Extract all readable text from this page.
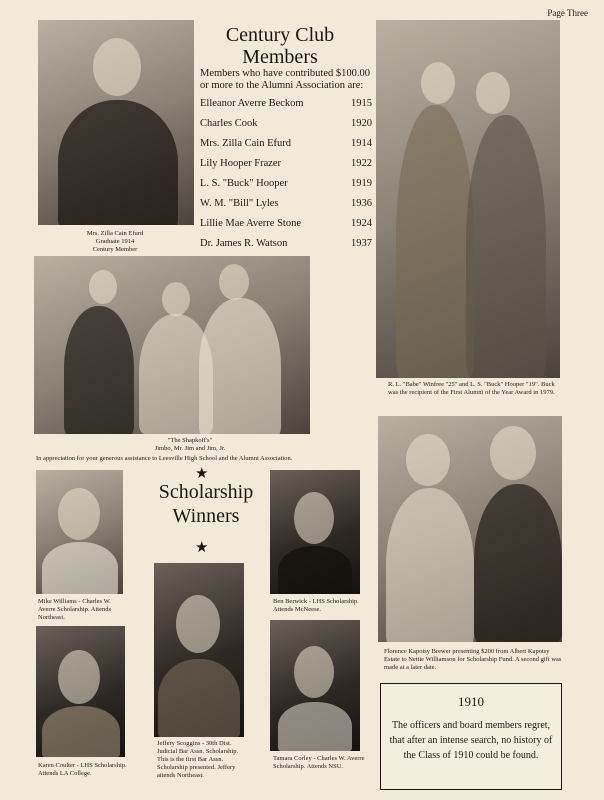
Page Three
Mrs. Zilla Cain Efurd
Graduate 1914
Century Member
Century Club
Members
Members who have contributed $100.00 or more to the Alumni Association are:
Elleanor Averre Beckom	1915
Charles Cook	1920
Mrs. Zilla Cain Efurd	1914
Lily Hooper Frazer	1922
L. S. "Buck" Hooper	1919
W. M. "Bill" Lyles	1936
Lillie Mae Averre Stone	1924
Dr. James R. Watson	1937
R. L. "Babe" Winfree "25" and L. S. "Buck" Hooper "19". Buck was the recipient of the First Alumni of the Year Award in 1979.
"The Shapkoff's"
Jimbo, Mr. Jim and Jim, Jr.
In appreciation for your generous assistance to Leesville High School and the Alumni Association.
Florence Kapotsy Brewer presenting $200 from Albert Kapotsy Estate to Nettie Williamson for Scholarship Fund. A second gift was made at a later date.
★
Scholarship
Winners
★
Mike Williams - Charles W. Averre Scholarship. Attends Northeast.
Ben Berwick - LHS Scholarship. Attends McNeese.
Jeffery Scoggins - 30th Dist. Judicial Bar Assn. Scholarship. This is the first Bar Assn. Scholarship presented. Jeffery attends Northeast.
Karen Coulter - LHS Scholarship. Attends LA College.
Tamara Corley - Charles W. Averre Scholarship. Attends NSU.
1910
The officers and board members regret, that after an intense search, no history of the Class of 1910 could be found.
